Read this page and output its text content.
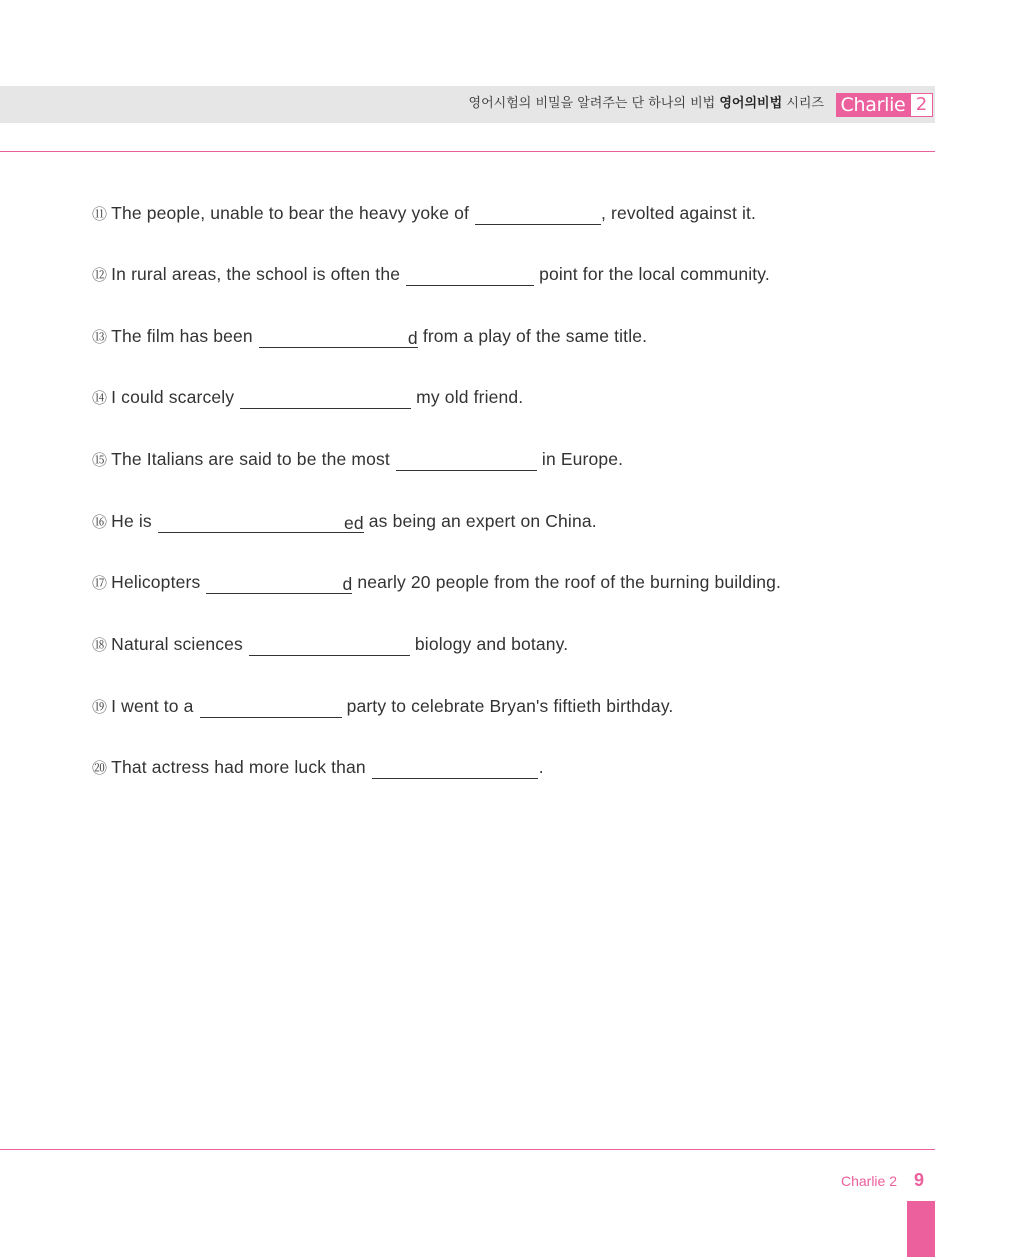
영어시험의 비밀을 알려주는 단 하나의 비법 영어의비법 시리즈 Charlie 2
⑪ The people, unable to bear the heavy yoke of	, revolted against it.
⑫ In rural areas, the school is often the	point for the local community.
⑬ The film has been	d from a play of the same title.
⑭ I could scarcely	my old friend.
⑮ The Italians are said to be the most	in Europe.
⑯ He is	ed as being an expert on China.
⑰ Helicopters	d nearly 20 people from the roof of the burning building.
⑱ Natural sciences	biology and botany.
⑲ I went to a	party to celebrate Bryan's fiftieth birthday.
⑳ That actress had more luck than	.
Charlie 2 9
